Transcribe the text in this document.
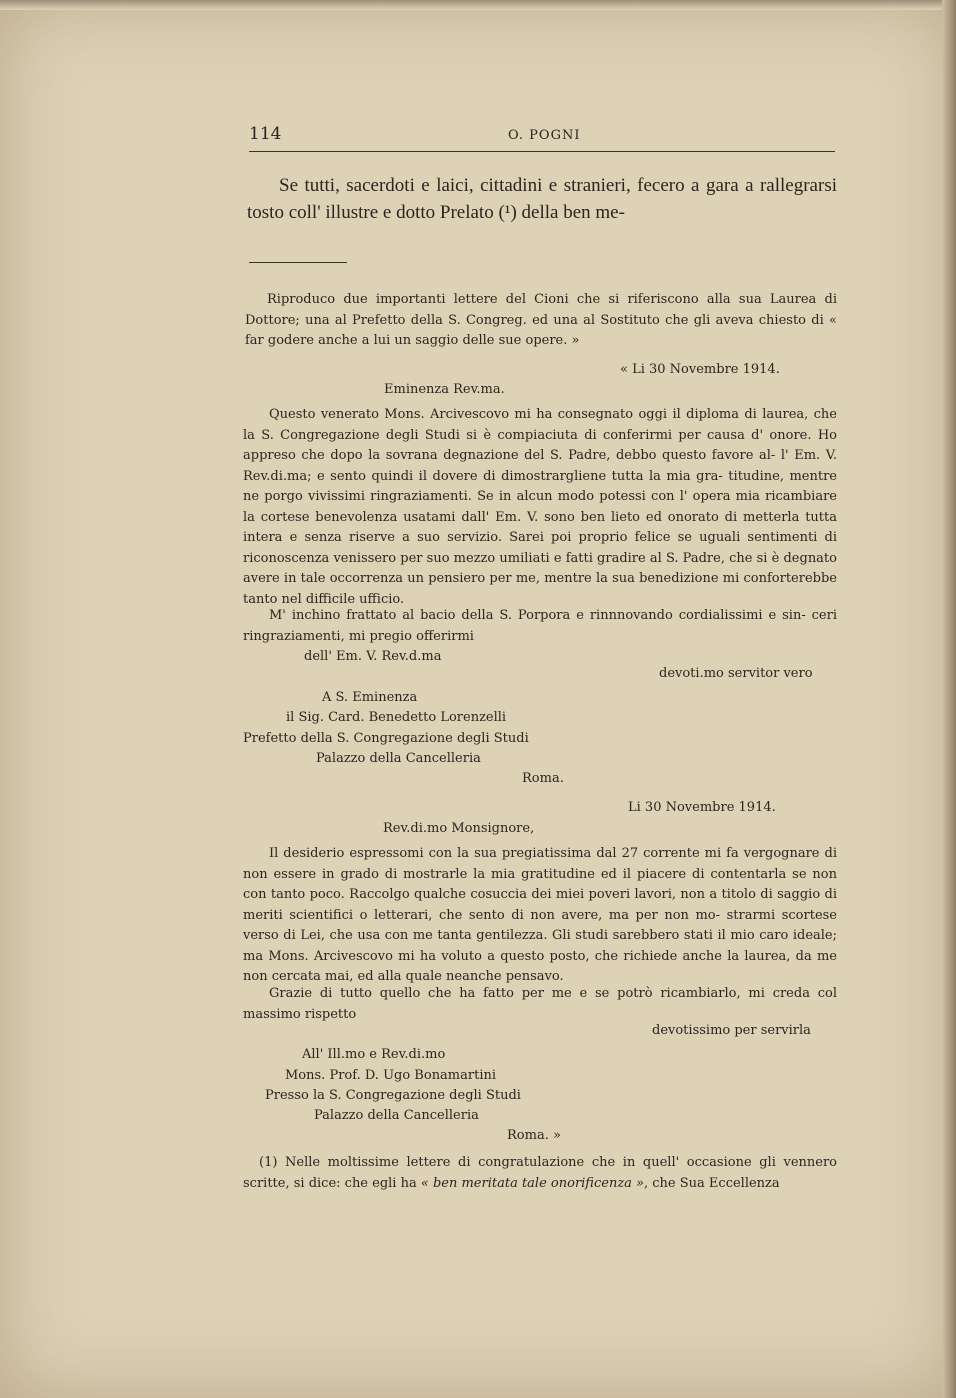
114	O. POGNI

Se tutti, sacerdoti e laici, cittadini e stranieri, fecero a gara a rallegrarsi tosto coll' illustre e dotto Prelato (¹) della ben me-

Riproduco due importanti lettere del Cioni che si riferiscono alla sua Laurea di Dottore; una al Prefetto della S. Congreg. ed una al Sostituto che gli aveva chiesto di « far godere anche a lui un saggio delle sue opere. »

« Li 30 Novembre 1914.

Eminenza Rev.ma.

Questo venerato Mons. Arcivescovo mi ha consegnato oggi il diploma di laurea, che la S. Congregazione degli Studi si è compiaciuta di conferirmi per causa d' onore. Ho appreso che dopo la sovrana degnazione del S. Padre, debbo questo favore al- l' Em. V. Rev.di.ma; e sento quindi il dovere di dimostrargliene tutta la mia gra- titudine, mentre ne porgo vivissimi ringraziamenti. Se in alcun modo potessi con l' opera mia ricambiare la cortese benevolenza usatami dall' Em. V. sono ben lieto ed onorato di metterla tutta intera e senza riserve a suo servizio. Sarei poi proprio felice se uguali sentimenti di riconoscenza venissero per suo mezzo umiliati e fatti gradire al S. Padre, che si è degnato avere in tale occorrenza un pensiero per me, mentre la sua benedizione mi conforterebbe tanto nel difficile ufficio.

M' inchino frattato al bacio della S. Porpora e rinnnovando cordialissimi e sin- ceri ringraziamenti, mi pregio offerirmi

dell' Em. V. Rev.d.ma

devoti.mo servitor vero

A S. Eminenza

il Sig. Card. Benedetto Lorenzelli

Prefetto della S. Congregazione degli Studi

Palazzo della Cancelleria

Roma.

Li 30 Novembre 1914.

Rev.di.mo Monsignore,

Il desiderio espressomi con la sua pregiatissima dal 27 corrente mi fa vergognare di non essere in grado di mostrarle la mia gratitudine ed il piacere di contentarla se non con tanto poco. Raccolgo qualche cosuccia dei miei poveri lavori, non a titolo di saggio di meriti scientifici o letterari, che sento di non avere, ma per non mo- strarmi scortese verso di Lei, che usa con me tanta gentilezza. Gli studi sarebbero stati il mio caro ideale; ma Mons. Arcivescovo mi ha voluto a questo posto, che richiede anche la laurea, da me non cercata mai, ed alla quale neanche pensavo.

Grazie di tutto quello che ha fatto per me e se potrò ricambiarlo, mi creda col massimo rispetto

devotissimo per servirla

All' Ill.mo e Rev.di.mo

Mons. Prof. D. Ugo Bonamartini

Presso la S. Congregazione degli Studi

Palazzo della Cancelleria

Roma. »

(1) Nelle moltissime lettere di congratulazione che in quell' occasione gli vennero scritte, si dice: che egli ha « ben meritata tale onorificenza », che Sua Eccellenza
